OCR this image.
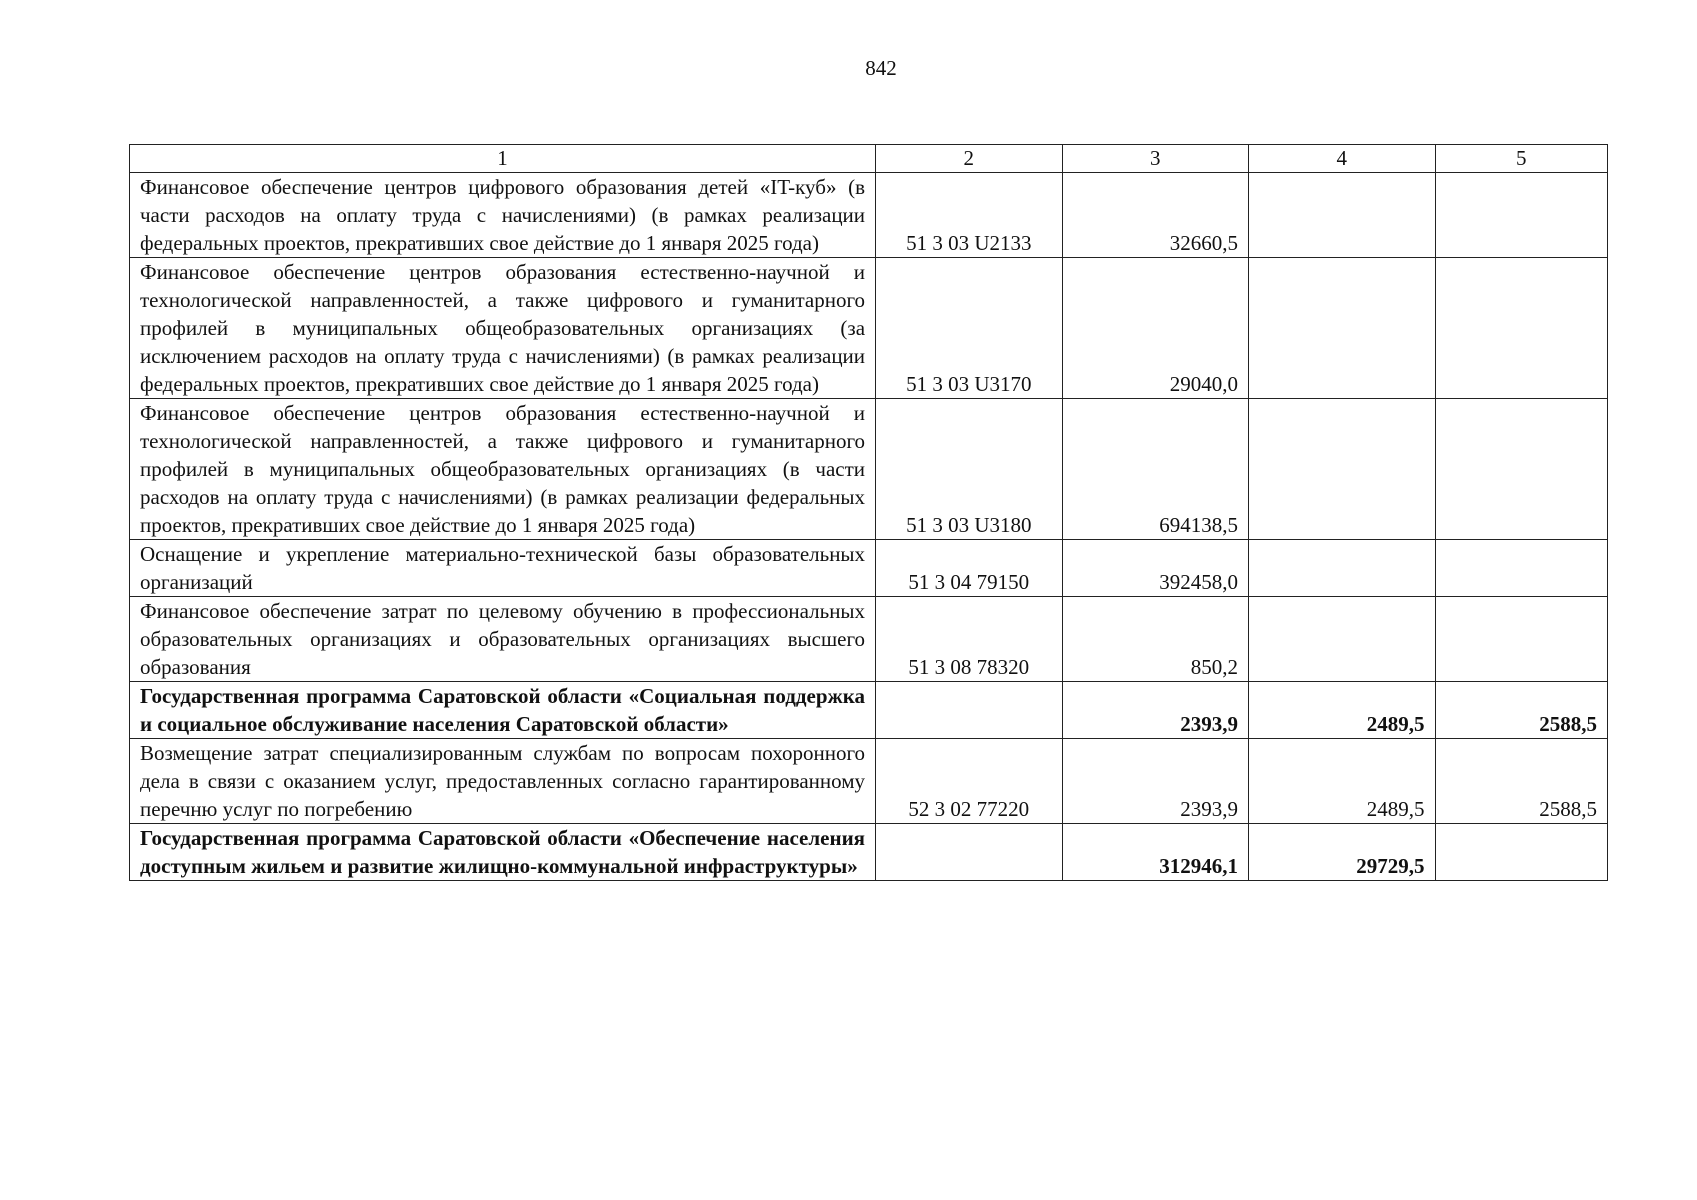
842
1	2	3	4	5
Финансовое обеспечение центров цифрового образования детей «IT-куб» (в части расходов на оплату труда с начислениями) (в рамках реализации федеральных проектов, прекративших свое действие до 1 января 2025 года)	51 3 03 U2133	32660,5		
Финансовое обеспечение центров образования естественно-научной и технологической направленностей, а также цифрового и гуманитарного профилей в муниципальных общеобразовательных организациях (за исключением расходов на оплату труда с начислениями) (в рамках реализации федеральных проектов, прекративших свое действие до 1 января 2025 года)	51 3 03 U3170	29040,0		
Финансовое обеспечение центров образования естественно-научной и технологической направленностей, а также цифрового и гуманитарного профилей в муниципальных общеобразовательных организациях (в части расходов на оплату труда с начислениями) (в рамках реализации федеральных проектов, прекративших свое действие до 1 января 2025 года)	51 3 03 U3180	694138,5		
Оснащение и укрепление материально-технической базы образовательных организаций	51 3 04 79150	392458,0		
Финансовое обеспечение затрат по целевому обучению в профессиональных образовательных организациях и образовательных организациях высшего образования	51 3 08 78320	850,2		
Государственная программа Саратовской области «Социальная поддержка и социальное обслуживание населения Саратовской области»		2393,9	2489,5	2588,5
Возмещение затрат специализированным службам по вопросам похоронного дела в связи с оказанием услуг, предоставленных согласно гарантированному перечню услуг по погребению	52 3 02 77220	2393,9	2489,5	2588,5
Государственная программа Саратовской области «Обеспечение населения доступным жильем и развитие жилищно-коммунальной инфраструктуры»		312946,1	29729,5	
